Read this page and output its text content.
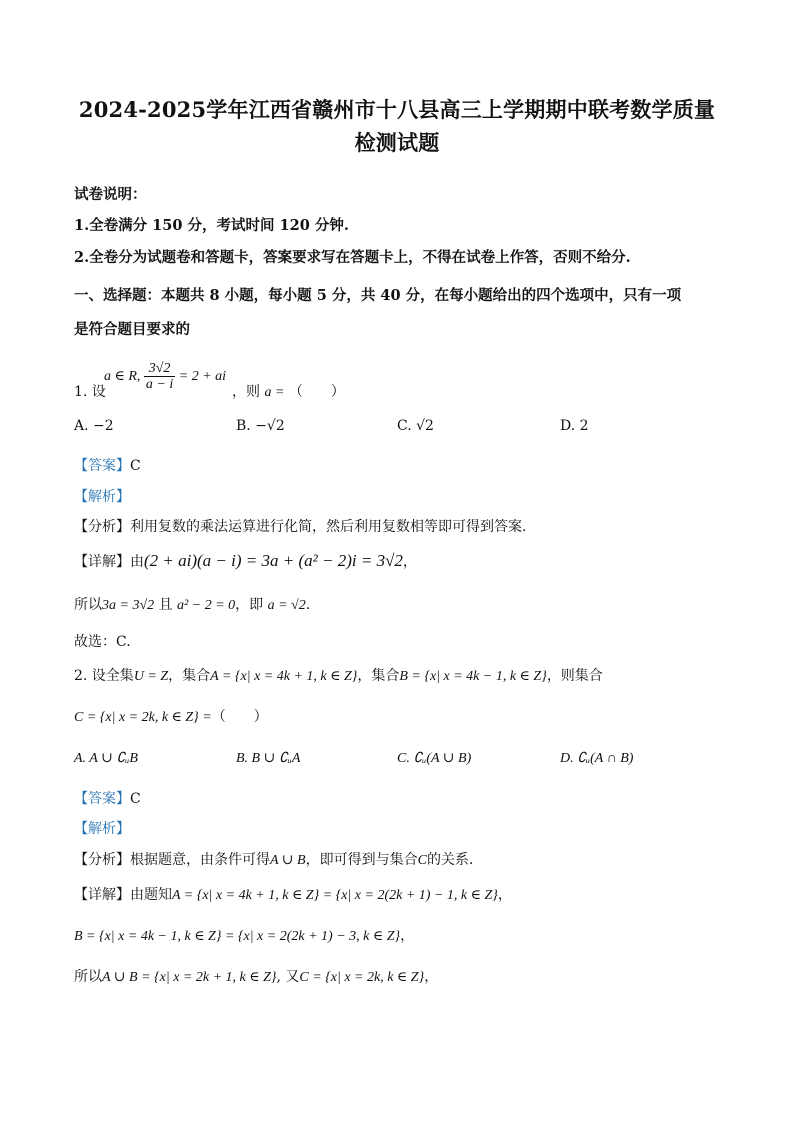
2024-2025学年江西省赣州市十八县高三上学期期中联考数学质量
检测试题
试卷说明：
1.全卷满分 150 分，考试时间 120 分钟.
2.全卷分为试题卷和答题卡，答案要求写在答题卡上，不得在试卷上作答，否则不给分.
一、选择题：本题共 8 小题，每小题 5 分，共 40 分，在每小题给出的四个选项中，只有一项
是符合题目要求的
1. 设
a ∈ R, $\frac{3√2}{a - i} = 2$ + ai
，则 a = （　　）
A. −2	B. −√2	C. √2	D. 2
【答案】C
【解析】
【分析】利用复数的乘法运算进行化简，然后利用复数相等即可得到答案.
【详解】由(2 + ai)(a − i) = 3a + (a² − 2)i = 3√2，
所以3a = 3√2 且 a² − 2 = 0，即 a = √2.
故选：C.
2. 设全集U = Z，集合A = {x| x = 4k + 1, k ∈ Z}，集合B = {x| x = 4k − 1, k ∈ Z}，则集合
C = {x| x = 2k, k ∈ Z} =（　　）
A. A ∪ ∁ᵤB	B. B ∪ ∁ᵤA	C. ∁ᵤ(A ∪ B)	D. ∁ᵤ(A ∩ B)
【答案】C
【解析】
【分析】根据题意，由条件可得A ∪ B，即可得到与集合C的关系.
【详解】由题知A = {x| x = 4k + 1, k ∈ Z} = {x| x = 2(2k + 1) − 1, k ∈ Z}，
B = {x| x = 4k − 1, k ∈ Z} = {x| x = 2(2k + 1) − 3, k ∈ Z}，
所以A ∪ B = {x| x = 2k + 1, k ∈ Z}, 又C = {x| x = 2k, k ∈ Z}，
